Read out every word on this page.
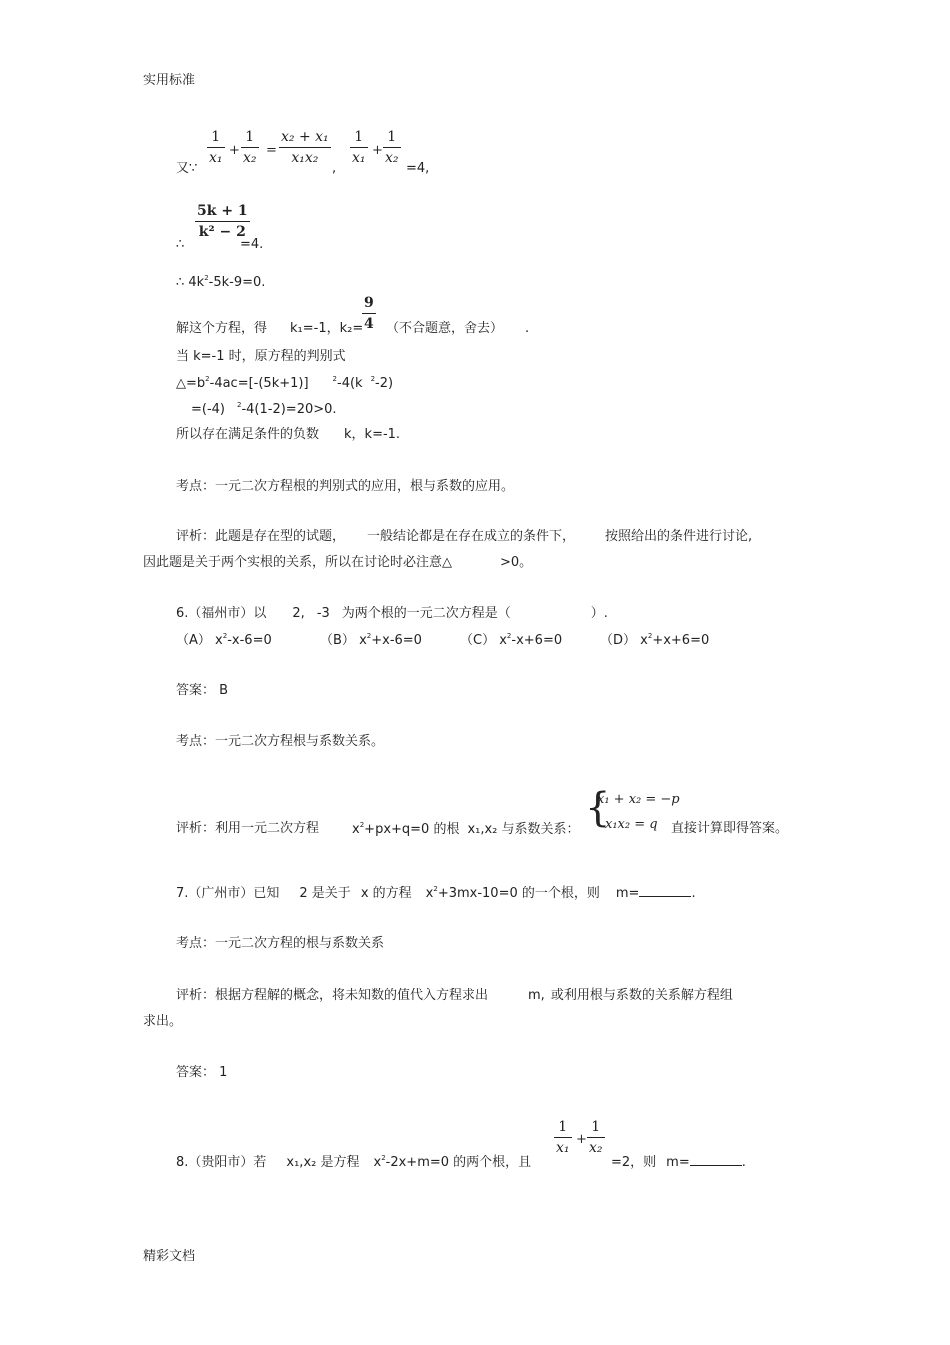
实用标准
又∵
$\frac{1}{\text{x₁}} + \frac{1}{\text{x₂}} = \frac{\text{x₂ + x₁}}{\text{x₁x₂}}$
,
$\frac{1}{\text{x₁}} + \frac{1}{\text{x₂}}$
=4,
∴
$\frac{5k + 1}{\text{k² − 2}}$
=4.
∴ $4k^2-5k-9=0$.
解这个方程，得 k₁=-1，k₂=
$\frac{9}{4}$ （不合题意，舍去） .
当 k=-1 时，原方程的判别式
$\triangle=b^2-4ac=[-(5k+1)]$	$^2$-4(k $^2$-2)
=(-4) $^2$-4(1-2)=20>0.
所以存在满足条件的负数 k，k=-1.
考点：一元二次方程根的判别式的应用，根与系数的应用。
评析：此题是存在型的试题， 一般结论都是在存在成立的条件下， 按照给出的条件进行讨论,
因此题是关于两个实根的关系，所以在讨论时必注意△	>0。
6.（福州市）以 2, -3 为两个根的一元二次方程是（	）.
（A） $x^2-x-6=0$	（B） $x^2+x-6=0$	（C） $x^2-x+6=0$	（D） $x^2+x+6=0$
答案： B
考点：一元二次方程根与系数关系。
评析：利用一元二次方程	$x^2+px+q=0$ 的根 x₁,x₂ 与系数关系： {
x₁ + x₂ = −p
x₁x₂ = q 直接计算即得答案。
7.（广州市）已知 2 是关于 x 的方程 $x^2+3mx-10=0$ 的一个根，则 m=	.
考点：一元二次方程的根与系数关系
评析：根据方程解的概念，将未知数的值代入方程求出	m, 或利用根与系数的关系解方程组
求出。
答案： 1
8.（贵阳市）若 x₁,x₂ 是方程 $x^2-2x+m=0$ 的两个根，且
$\frac{1}{\text{x₁}} + \frac{1}{\text{x₂}}$
=2，则 m=	.
精彩文档
